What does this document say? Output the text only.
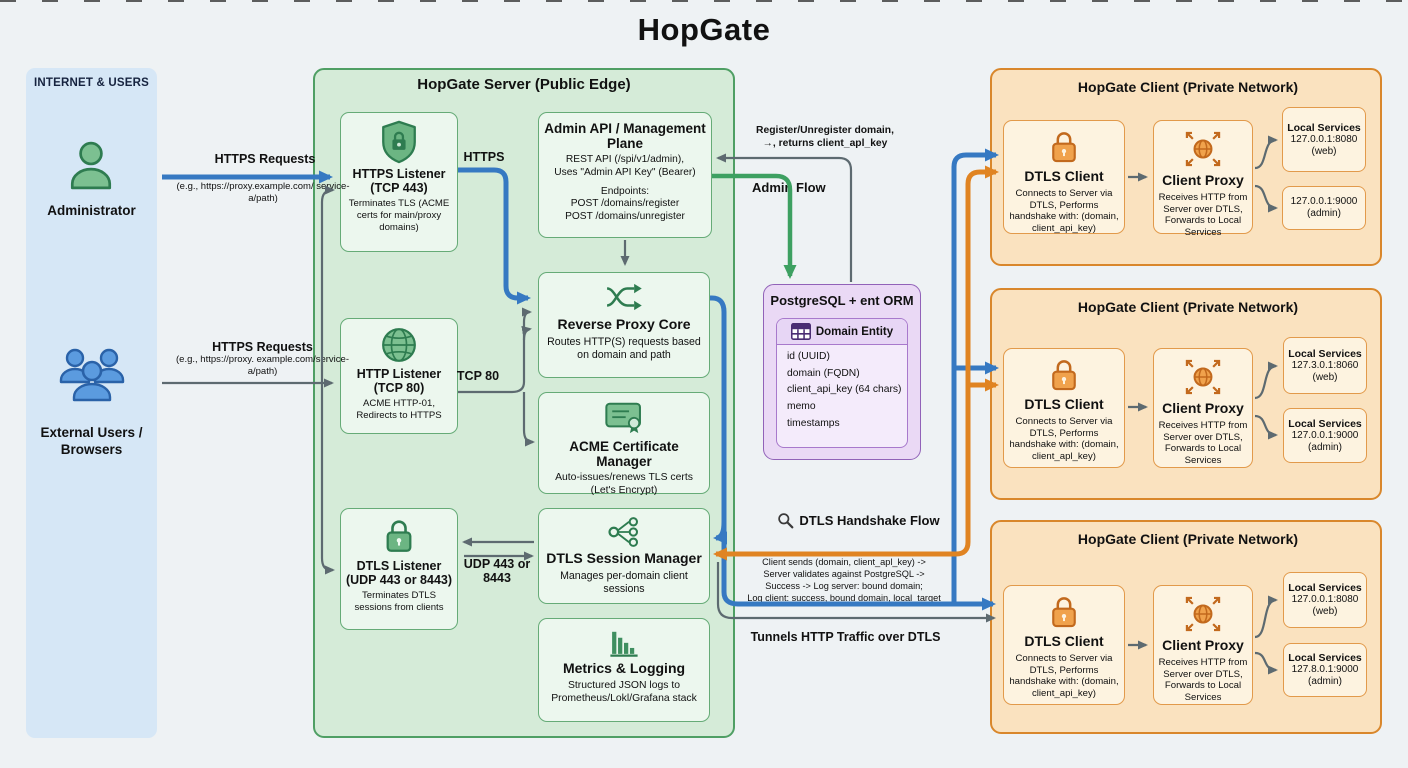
HopGate
INTERNET & USERS
Administrator
External Users / Browsers
HopGate Server (Public Edge)
HTTPS Listener (TCP 443)
Terminates TLS (ACME certs for main/proxy domains)
HTTP Listener (TCP 80)
ACME HTTP-01, Redirects to HTTPS
DTLS Listener (UDP 443 or 8443)
Terminates DTLS sessions from clients
Admin API / Management Plane
REST API (/spi/v1/admin),
Uses "Admin API Key" (Bearer)
Endpoints:
POST /domains/register
POST /domains/unregister
Reverse Proxy Core
Routes HTTP(S) requests based on domain and path
ACME Certificate Manager
Auto-issues/renews TLS certs (Let's Encrypt)
DTLS Session Manager
Manages per-domain client sessions
Metrics & Logging
Structured JSON logs to Prometheus/Lokl/Grafana stack
HTTPS
TCP 80
UDP 443 or 8443
PostgreSQL + ent ORM
Domain Entity
id (UUID)
domain (FQDN)
client_api_key (64 chars)
memo
timestamps
HTTPS Requests
(e.g., https://proxy.example.com/ service-a/path)
HTTPS Requests
(e.g., https://proxy. example.com/service-a/path)
Register/Unregister domain,
→, returns client_apl_key
Admin Flow
DTLS Handshake Flow
Client sends (domain, client_apl_key) ->
Server validates against PostgreSQL ->
Success -> Log server: bound domain;
Log client: success, bound domain, local_target
Tunnels HTTP Traffic over DTLS
HopGate Client (Private Network)
DTLS Client
Connects to Server via DTLS, Performs handshake with: (domain, client_api_key)
Client Proxy
Receives HTTP from Server over DTLS, Forwards to Local Services
Local Services
127.0.0.1:8080 (web)
127.0.0.1:9000 (admin)
HopGate Client (Private Network)
DTLS Client
Connects to Server via DTLS, Performs handshake with: (domain, client_apl_key)
Client Proxy
Receives HTTP from Server over DTLS, Forwards to Local Services
Local Services
127.3.0.1:8060 (web)
Local Services
127.0.0.1:9000 (admin)
HopGate Client (Private Network)
DTLS Client
Connects to Server via DTLS, Performs handshake with: (domain, client_api_key)
Client Proxy
Receives HTTP from Server over DTLS, Forwards to Local Services
Local Services
127.0.0.1:8080 (web)
Local Services
127.8.0.1:9000 (admin)
